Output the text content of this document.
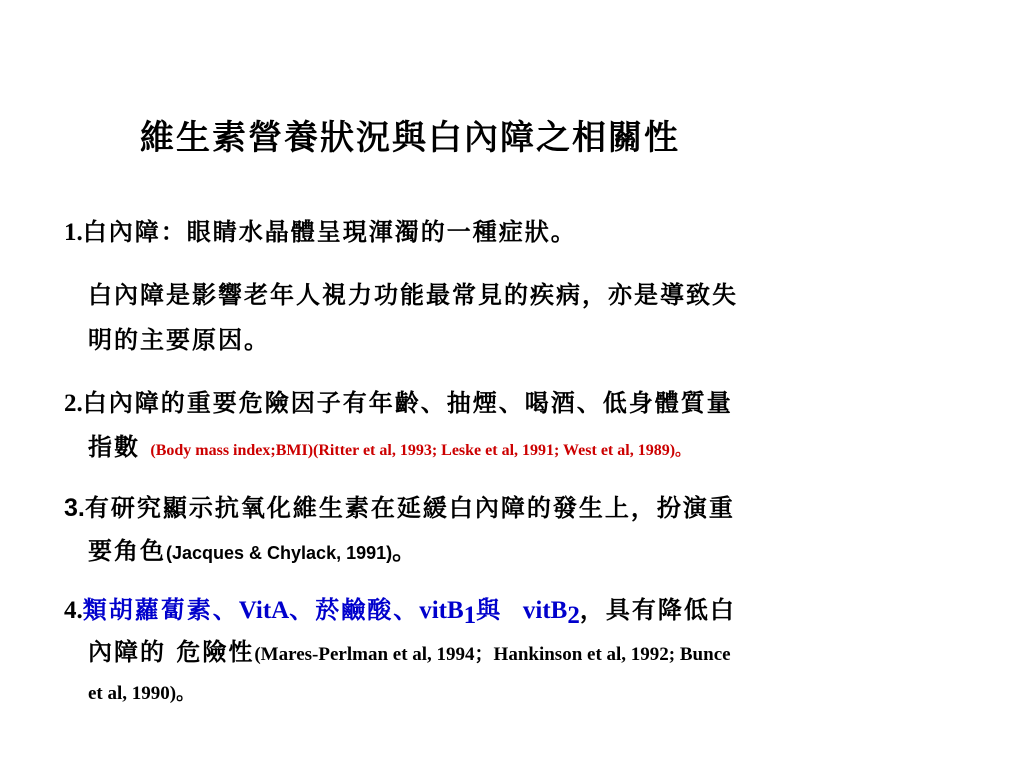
維生素營養狀況與白內障之相關性
1.白內障：眼睛水晶體呈現渾濁的一種症狀。
白內障是影響老年人視力功能最常見的疾病，亦是導致失
明的主要原因。
2.白內障的重要危險因子有年齡、抽煙、喝酒、低身體質量
指數 (Body mass index;BMI)(Ritter et al, 1993; Leske et al, 1991; West et al, 1989)。
3.有研究顯示抗氧化維生素在延緩白內障的發生上，扮演重
要角色(Jacques & Chylack, 1991)。
4.類胡蘿蔔素、VitA、菸鹼酸、vitB$_1$與 vitB$_2$，具有降低白
內障的 危險性(Mares-Perlman et al, 1994；Hankinson et al, 1992; Bunce
et al, 1990)。
